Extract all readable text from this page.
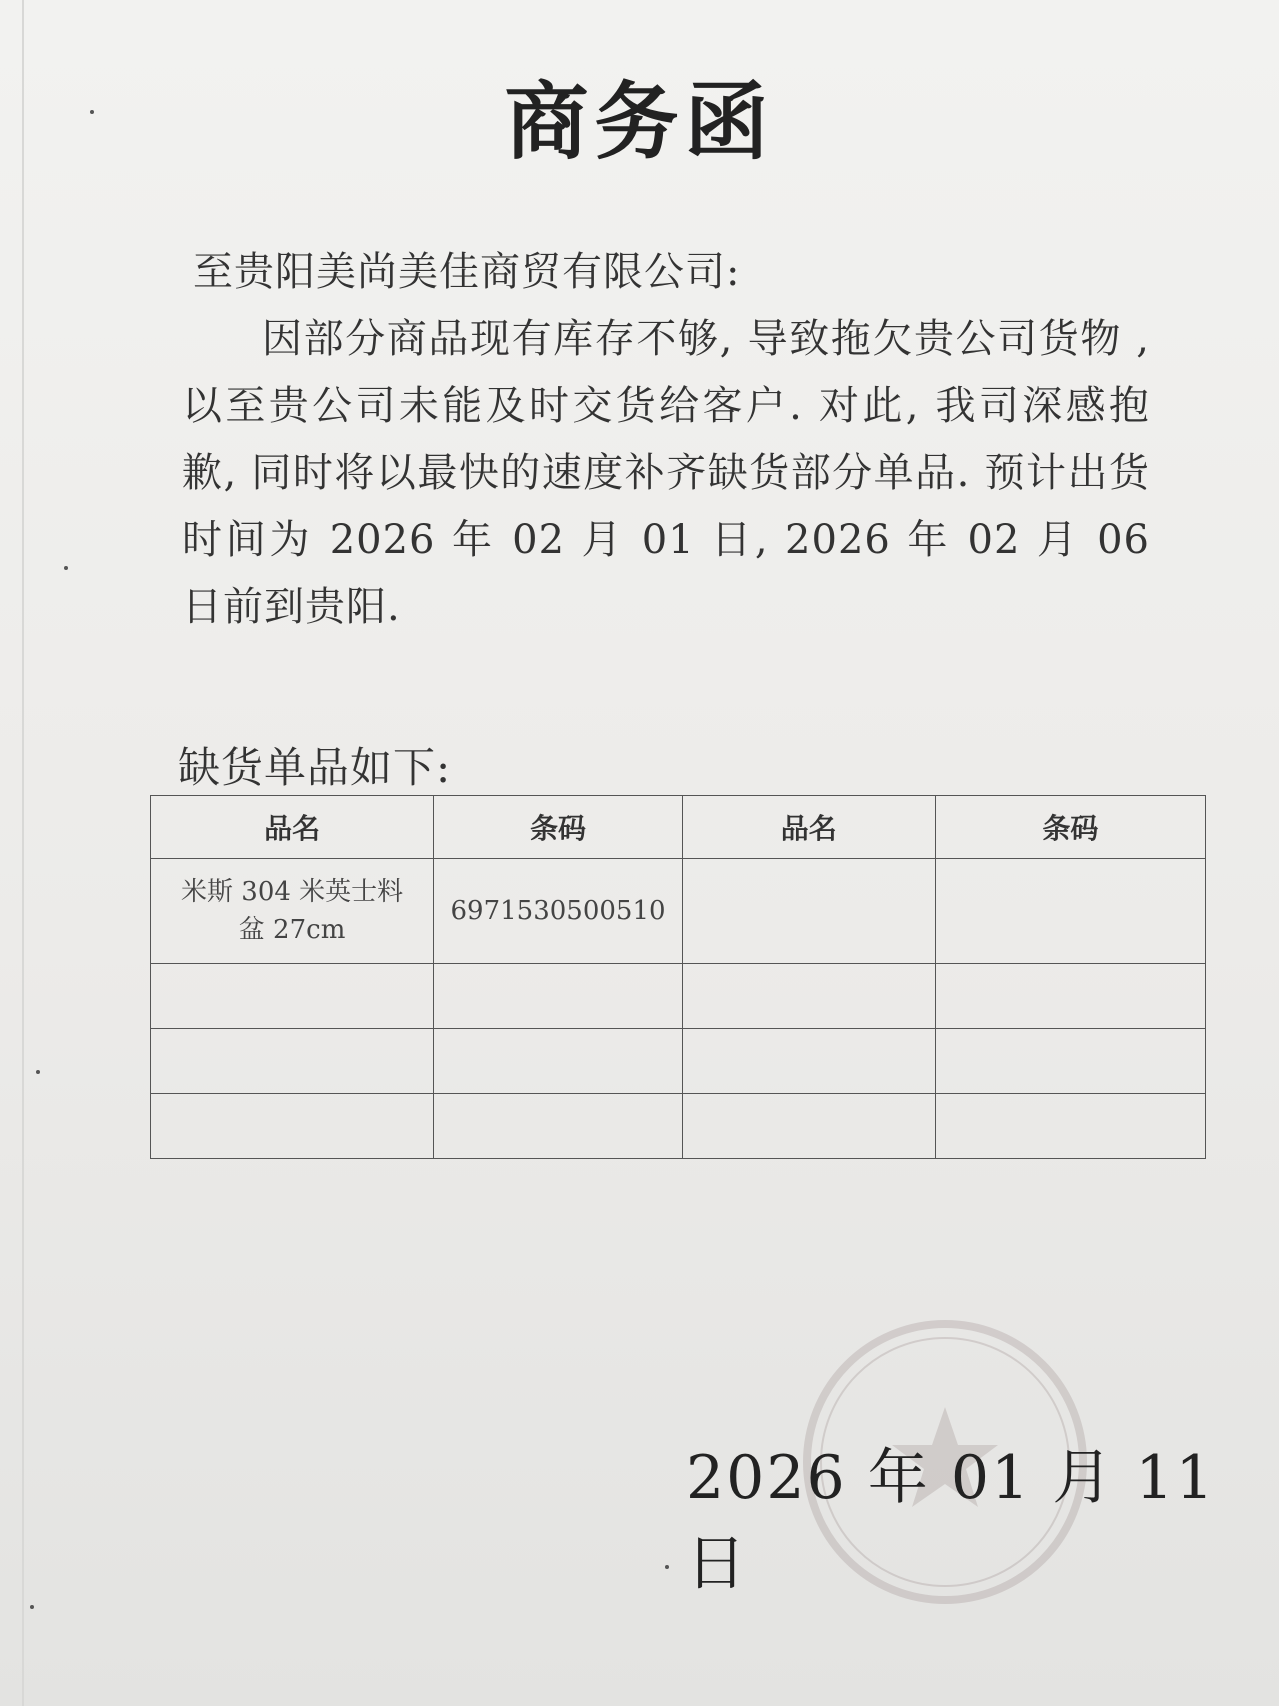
商务函
至贵阳美尚美佳商贸有限公司:
因部分商品现有库存不够, 导致拖欠贵公司货物 , 以至贵公司未能及时交货给客户. 对此, 我司深感抱歉, 同时将以最快的速度补齐缺货部分单品. 预计出货时间为 2026 年 02 月 01 日, 2026 年 02 月 06 日前到贵阳.
缺货单品如下:
品名	条码	品名	条码
米斯 304 米英士料盆 27cm	6971530500510		

2026 年 01 月 11 日
